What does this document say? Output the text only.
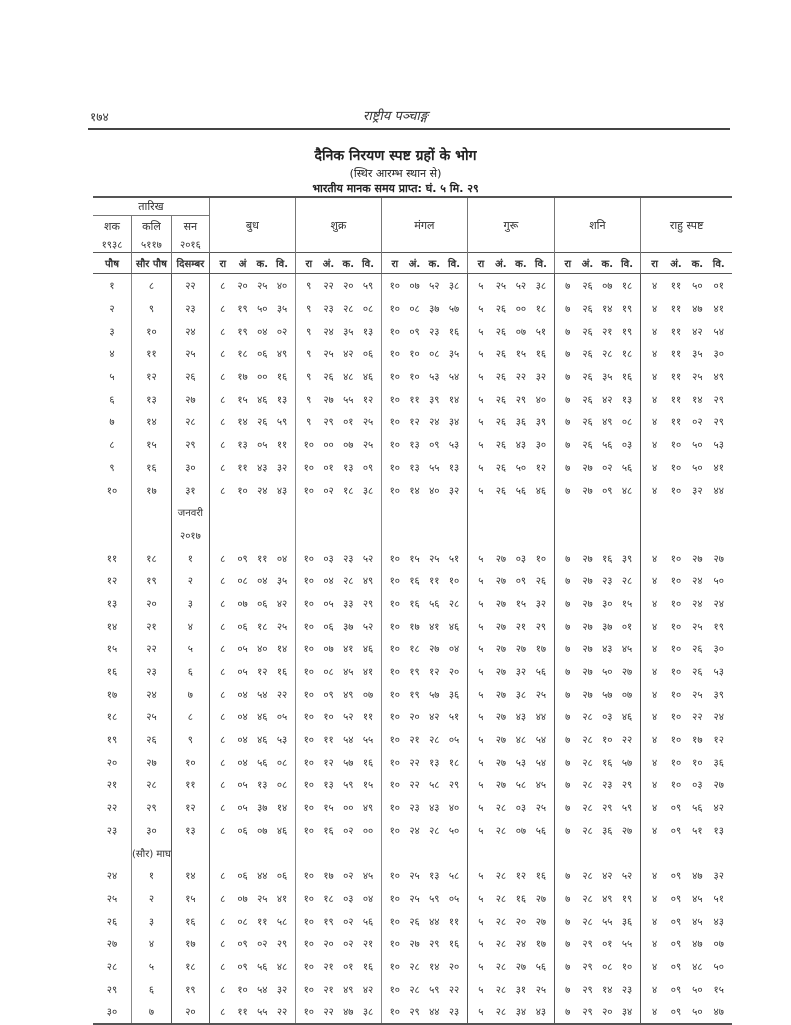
१७४	राष्ट्रीय पञ्चाङ्ग
दैनिक निरयण स्पष्ट ग्रहों के भोग
(स्थिर आरम्भ स्थान से)
भारतीय मानक समय प्राप्त: घं. ५ मि. २९
तारिख			बुध	शुक्र	मंगल	गुरू	शनि	राहु स्पष्ट
शक	कलि	सन						
१९३८	५११७	२०१६						
पौष	सौर पौष	दिसम्बर	रा अं क. वि.	रा अं. क. वि.	रा अं. क. वि.	रा अं. क. वि.	रा अं. क. वि.	रा अं. क. वि.

१	८	२२	८ २० २५ ४०	९ २२ २० ५९	१० ०७ ५२ ३८	५ २५ ५२ ३८	७ २६ ०७ १८	४ ११ ५० ०१

२	९	२३	८ १९ ५० ३५	९ २३ २८ ०८	१० ०८ ३७ ५७	५ २६ ०० १८	७ २६ १४ १९	४ ११ ४७ ४१

३	१०	२४	८ १९ ०४ ०२	९ २४ ३५ १३	१० ०९ २३ १६	५ २६ ०७ ५१	७ २६ २१ १९	४ ११ ४२ ५४

४	११	२५	८ १८ ०६ ४९	९ २५ ४२ ०६	१० १० ०८ ३५	५ २६ १५ १६	७ २६ २८ १८	४ ११ ३५ ३०

५	१२	२६	८ १७ ०० १६	९ २६ ४८ ४६	१० १० ५३ ५४	५ २६ २२ ३२	७ २६ ३५ १६	४ ११ २५ ४९

६	१३	२७	८ १५ ४६ १३	९ २७ ५५ १२	१० ११ ३९ १४	५ २६ २९ ४०	७ २६ ४२ १३	४ ११ १४ २९

७	१४	२८	८ १४ २६ ५९	९ २९ ०१ २५	१० १२ २४ ३४	५ २६ ३६ ३९	७ २६ ४९ ०८	४ ११ ०२ २९

८	१५	२९	८ १३ ०५ ११	१० ०० ०७ २५	१० १३ ०९ ५३	५ २६ ४३ ३०	७ २६ ५६ ०३	४ १० ५० ५३

९	१६	३०	८ ११ ४३ ३२	१० ०१ १३ ०९	१० १३ ५५ १३	५ २६ ५० १२	७ २७ ०२ ५६	४ १० ५० ४१

१०	१७	३१	८ १० २४ ४३	१० ०२ १८ ३८	१० १४ ४० ३२	५ २६ ५६ ४६	७ २७ ०९ ४८	४ १० ३२ ४४

		जनवरी						
		२०१७						
११	१८	१	८ ०९ ११ ०४	१० ०३ २३ ५२	१० १५ २५ ५१	५ २७ ०३ १०	७ २७ १६ ३९	४ १० २७ २७

१२	१९	२	८ ०८ ०४ ३५	१० ०४ २८ ४९	१० १६ ११ १०	५ २७ ०९ २६	७ २७ २३ २८	४ १० २४ ५०

१३	२०	३	८ ०७ ०६ ४२	१० ०५ ३३ २९	१० १६ ५६ २८	५ २७ १५ ३२	७ २७ ३० १५	४ १० २४ २४

१४	२१	४	८ ०६ १८ २५	१० ०६ ३७ ५२	१० १७ ४१ ४६	५ २७ २१ २९	७ २७ ३७ ०१	४ १० २५ १९

१५	२२	५	८ ०५ ४० १४	१० ०७ ४१ ४६	१० १८ २७ ०४	५ २७ २७ १७	७ २७ ४३ ४५	४ १० २६ ३०

१६	२३	६	८ ०५ १२ १६	१० ०८ ४५ ४१	१० १९ १२ २०	५ २७ ३२ ५६	७ २७ ५० २७	४ १० २६ ५३

१७	२४	७	८ ०४ ५४ २२	१० ०९ ४९ ०७	१० १९ ५७ ३६	५ २७ ३८ २५	७ २७ ५७ ०७	४ १० २५ ३९

१८	२५	८	८ ०४ ४६ ०५	१० १० ५२ ११	१० २० ४२ ५१	५ २७ ४३ ४४	७ २८ ०३ ४६	४ १० २२ २४

१९	२६	९	८ ०४ ४६ ५३	१० ११ ५४ ५५	१० २१ २८ ०५	५ २७ ४८ ५४	७ २८ १० २२	४ १० १७ १२

२०	२७	१०	८ ०४ ५६ ०८	१० १२ ५७ १६	१० २२ १३ १८	५ २७ ५३ ५४	७ २८ १६ ५७	४ १० १० ३६

२१	२८	११	८ ०५ १३ ०८	१० १३ ५९ १५	१० २२ ५८ २९	५ २७ ५८ ४५	७ २८ २३ २९	४ १० ०३ २७

२२	२९	१२	८ ०५ ३७ १४	१० १५ ०० ४९	१० २३ ४३ ४०	५ २८ ०३ २५	७ २८ २९ ५९	४ ०९ ५६ ४२

२३	३०	१३	८ ०६ ०७ ४६	१० १६ ०२ ००	१० २४ २८ ५०	५ २८ ०७ ५६	७ २८ ३६ २७	४ ०९ ५१ १३

	(सौर) माघ							
२४	१	१४	८ ०६ ४४ ०६	१० १७ ०२ ४५	१० २५ १३ ५८	५ २८ १२ १६	७ २८ ४२ ५२	४ ०९ ४७ ३२

२५	२	१५	८ ०७ २५ ४१	१० १८ ०३ ०४	१० २५ ५९ ०५	५ २८ १६ २७	७ २८ ४९ १९	४ ०९ ४५ ५१

२६	३	१६	८ ०८ ११ ५८	१० १९ ०२ ५६	१० २६ ४४ ११	५ २८ २० २७	७ २८ ५५ ३६	४ ०९ ४५ ४३

२७	४	१७	८ ०९ ०२ २९	१० २० ०२ २१	१० २७ २९ १६	५ २८ २४ १७	७ २९ ०१ ५५	४ ०९ ४७ ०७

२८	५	१८	८ ०९ ५६ ४८	१० २१ ०१ १६	१० २८ १४ २०	५ २८ २७ ५६	७ २९ ०८ १०	४ ०९ ४८ ५०

२९	६	१९	८ १० ५४ ३२	१० २१ ४९ ४२	१० २८ ५९ २२	५ २८ ३१ २५	७ २९ १४ २३	४ ०९ ५० १५

३०	७	२०	८ ११ ५५ २२	१० २२ ४७ ३८	१० २९ ४४ २३	५ २८ ३४ ४३	७ २९ २० ३४	४ ०९ ५० ४७
